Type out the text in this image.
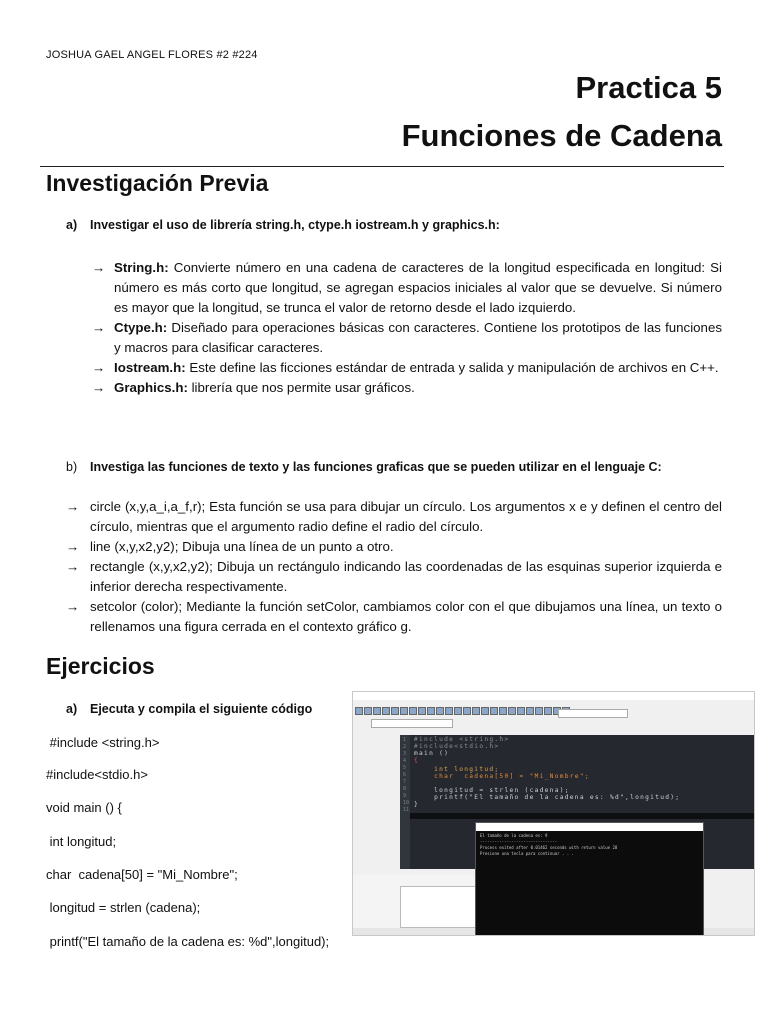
JOSHUA GAEL ANGEL FLORES #2 #224
Practica 5
Funciones de Cadena
Investigación Previa
a) Investigar el uso de librería string.h, ctype.h iostream.h y graphics.h:
→ String.h: Convierte número en una cadena de caracteres de la longitud especificada en longitud: Si número es más corto que longitud, se agregan espacios iniciales al valor que se devuelve. Si número es mayor que la longitud, se trunca el valor de retorno desde el lado izquierdo.
→ Ctype.h: Diseñado para operaciones básicas con caracteres. Contiene los prototipos de las funciones y macros para clasificar caracteres.
→ Iostream.h: Este define las ficciones estándar de entrada y salida y manipulación de archivos en C++.
→ Graphics.h: librería que nos permite usar gráficos.
b) Investiga las funciones de texto y las funciones graficas que se pueden utilizar en el lenguaje C:
→ circle (x,y,a_i,a_f,r); Esta función se usa para dibujar un círculo. Los argumentos x e y definen el centro del círculo, mientras que el argumento radio define el radio del círculo.
→ line (x,y,x2,y2); Dibuja una línea de un punto a otro.
→ rectangle (x,y,x2,y2); Dibuja un rectángulo indicando las coordenadas de las esquinas superior izquierda e inferior derecha respectivamente.
→ setcolor (color); Mediante la función setColor, cambiamos color con el que dibujamos una línea, un texto o rellenamos una figura cerrada en el contexto gráfico g.
Ejercicios
a) Ejecuta y compila el siguiente código
#include <string.h>
#include<stdio.h>
void main () {
int longitud;
char  cadena[50] = "Mi_Nombre";
longitud = strlen (cadena);
printf("El tamaño de la cadena es: %d",longitud);
1
2
3
4
5
6
7
8
9
10
11
#include <string.h>
#include<stdio.h>
main ()
{
int longitud;
char  cadena[50] = "Mi_Nombre";
longitud = strlen (cadena);
printf("El tamaño de la cadena es: %d",longitud);
}
El tamaño de la cadena es: 9
--------------------------------
Process exited after 0.01462 seconds with return value 28
Presione una tecla para continuar . . .
